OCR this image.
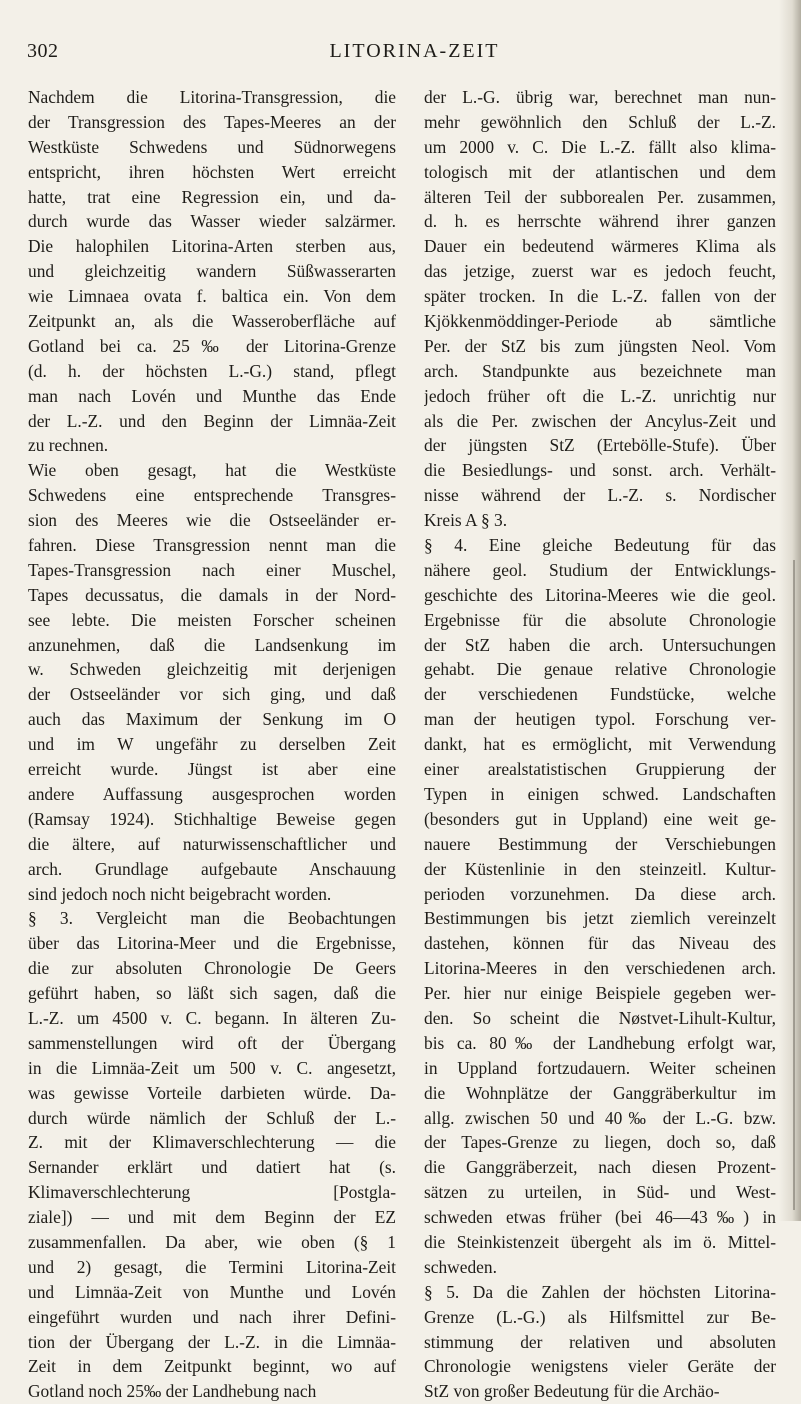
302	LITORINA-ZEIT
Nachdem die Litorina-Transgression, die
der Transgression des Tapes-Meeres an der
Westküste Schwedens und Südnorwegens
entspricht, ihren höchsten Wert erreicht
hatte, trat eine Regression ein, und da-
durch wurde das Wasser wieder salzärmer.
Die halophilen Litorina-Arten sterben aus,
und gleichzeitig wandern Süßwasserarten
wie Limnaea ovata f. baltica ein. Von dem
Zeitpunkt an, als die Wasseroberfläche auf
Gotland bei ca. 25‰ der Litorina-Grenze
(d. h. der höchsten L.-G.) stand, pflegt
man nach Lovén und Munthe das Ende
der L.-Z. und den Beginn der Limnäa-Zeit
zu rechnen.
Wie oben gesagt, hat die Westküste
Schwedens eine entsprechende Transgres-
sion des Meeres wie die Ostseeländer er-
fahren. Diese Transgression nennt man die
Tapes-Transgression nach einer Muschel,
Tapes decussatus, die damals in der Nord-
see lebte. Die meisten Forscher scheinen
anzunehmen, daß die Landsenkung im
w. Schweden gleichzeitig mit derjenigen
der Ostseeländer vor sich ging, und daß
auch das Maximum der Senkung im O
und im W ungefähr zu derselben Zeit
erreicht wurde. Jüngst ist aber eine
andere Auffassung ausgesprochen worden
(Ramsay 1924). Stichhaltige Beweise gegen
die ältere, auf naturwissenschaftlicher und
arch. Grundlage aufgebaute Anschauung
sind jedoch noch nicht beigebracht worden.
§ 3. Vergleicht man die Beobachtungen
über das Litorina-Meer und die Ergebnisse,
die zur absoluten Chronologie De Geers
geführt haben, so läßt sich sagen, daß die
L.-Z. um 4500 v. C. begann. In älteren Zu-
sammenstellungen wird oft der Übergang
in die Limnäa-Zeit um 500 v. C. angesetzt,
was gewisse Vorteile darbieten würde. Da-
durch würde nämlich der Schluß der L.-
Z. mit der Klimaverschlechterung — die
Sernander erklärt und datiert hat (s.
Klimaverschlechterung [Postgla-
ziale]) — und mit dem Beginn der EZ
zusammenfallen. Da aber, wie oben (§ 1
und 2) gesagt, die Termini Litorina-Zeit
und Limnäa-Zeit von Munthe und Lovén
eingeführt wurden und nach ihrer Defini-
tion der Übergang der L.-Z. in die Limnäa-
Zeit in dem Zeitpunkt beginnt, wo auf
Gotland noch 25‰ der Landhebung nach
der L.-G. übrig war, berechnet man nun-
mehr gewöhnlich den Schluß der L.-Z.
um 2000 v. C. Die L.-Z. fällt also klima-
tologisch mit der atlantischen und dem
älteren Teil der subborealen Per. zusammen,
d. h. es herrschte während ihrer ganzen
Dauer ein bedeutend wärmeres Klima als
das jetzige, zuerst war es jedoch feucht,
später trocken. In die L.-Z. fallen von der
Kjökkenmöddinger-Periode ab sämtliche
Per. der StZ bis zum jüngsten Neol. Vom
arch. Standpunkte aus bezeichnete man
jedoch früher oft die L.-Z. unrichtig nur
als die Per. zwischen der Ancylus-Zeit und
der jüngsten StZ (Ertebölle-Stufe). Über
die Besiedlungs- und sonst. arch. Verhält-
nisse während der L.-Z. s. Nordischer
Kreis A § 3.
§ 4. Eine gleiche Bedeutung für das
nähere geol. Studium der Entwicklungs-
geschichte des Litorina-Meeres wie die geol.
Ergebnisse für die absolute Chronologie
der StZ haben die arch. Untersuchungen
gehabt. Die genaue relative Chronologie
der verschiedenen Fundstücke, welche
man der heutigen typol. Forschung ver-
dankt, hat es ermöglicht, mit Verwendung
einer arealstatistischen Gruppierung der
Typen in einigen schwed. Landschaften
(besonders gut in Uppland) eine weit ge-
nauere Bestimmung der Verschiebungen
der Küstenlinie in den steinzeitl. Kultur-
perioden vorzunehmen. Da diese arch.
Bestimmungen bis jetzt ziemlich vereinzelt
dastehen, können für das Niveau des
Litorina-Meeres in den verschiedenen arch.
Per. hier nur einige Beispiele gegeben wer-
den. So scheint die Nøstvet-Lihult-Kultur,
bis ca. 80‰ der Landhebung erfolgt war,
in Uppland fortzudauern. Weiter scheinen
die Wohnplätze der Ganggräberkultur im
allg. zwischen 50 und 40‰ der L.-G. bzw.
der Tapes-Grenze zu liegen, doch so, daß
die Ganggräberzeit, nach diesen Prozent-
sätzen zu urteilen, in Süd- und West-
schweden etwas früher (bei 46—43‰) in
die Steinkistenzeit übergeht als im ö. Mittel-
schweden.
§ 5. Da die Zahlen der höchsten Litorina-
Grenze (L.-G.) als Hilfsmittel zur Be-
stimmung der relativen und absoluten
Chronologie wenigstens vieler Geräte der
StZ von großer Bedeutung für die Archäo-
